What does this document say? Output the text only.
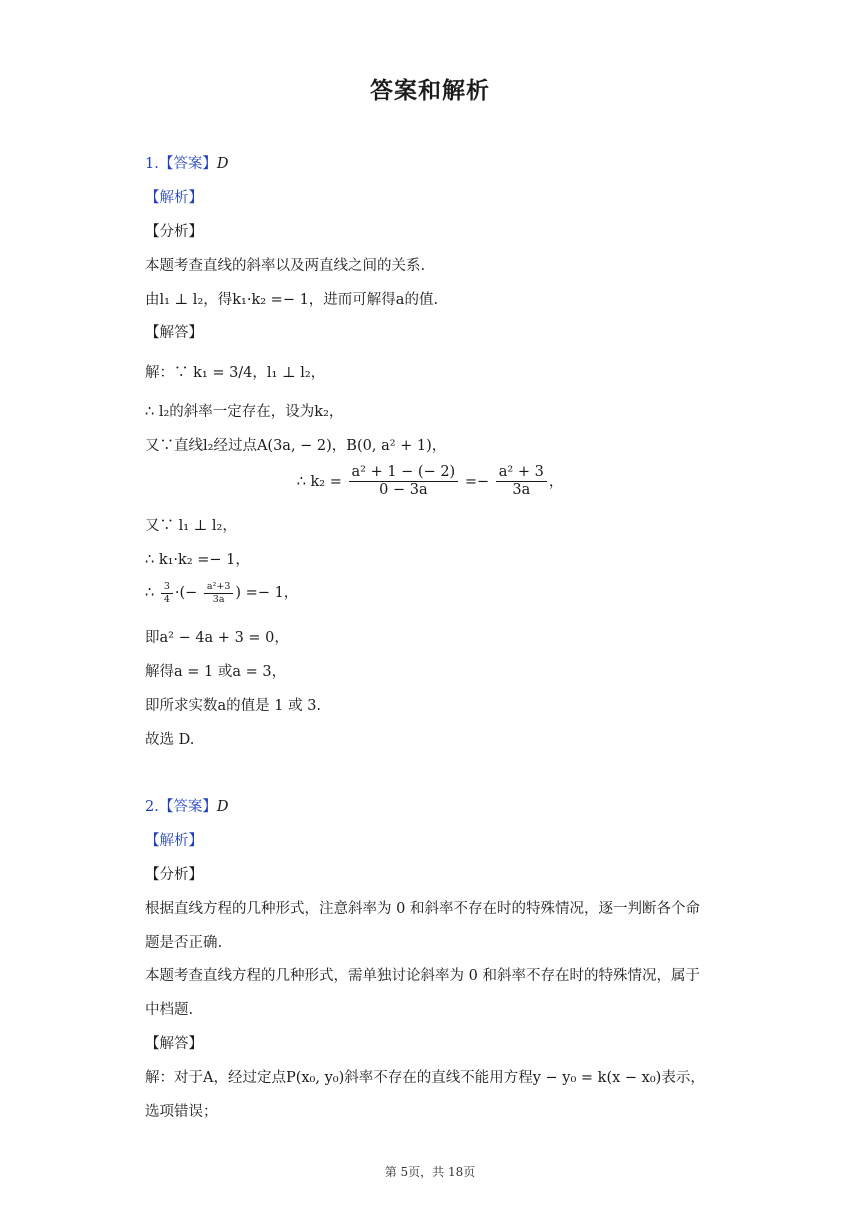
答案和解析
1.【答案】D
【解析】
【分析】
本题考查直线的斜率以及两直线之间的关系.
由l₁ ⊥ l₂，得k₁·k₂ =− 1，进而可解得a的值.
【解答】
解：∵ k₁ = 3/4，l₁ ⊥ l₂，
∴ l₂的斜率一定存在，设为k₂，
又∵直线l₂经过点A(3a, − 2)，B(0, a² + 1)，
∴ $k_2 = \frac{\text{a² + 1 − (− 2)}}{0 - 3a} =- \frac{\text{a² + 3}}{3a}$ ，
又∵ l₁ ⊥ l₂，
∴ k₁·k₂ =− 1，
∴ $\frac{3}{4}$ ·(− $\frac{\text{a²+3}}{3a}$ ) =− 1，
即a² − 4a + 3 = 0，
解得a = 1 或a = 3，
即所求实数a的值是 1 或 3.
故选 D.
2.【答案】D
【解析】
【分析】
根据直线方程的几种形式，注意斜率为 0 和斜率不存在时的特殊情况，逐一判断各个命
题是否正确.
本题考查直线方程的几种形式，需单独讨论斜率为 0 和斜率不存在时的特殊情况，属于
中档题.
【解答】
解：对于A，经过定点P(x₀, y₀)斜率不存在的直线不能用方程y − y₀ = k(x − x₀)表示，
选项错误；
第 5页，共 18页
